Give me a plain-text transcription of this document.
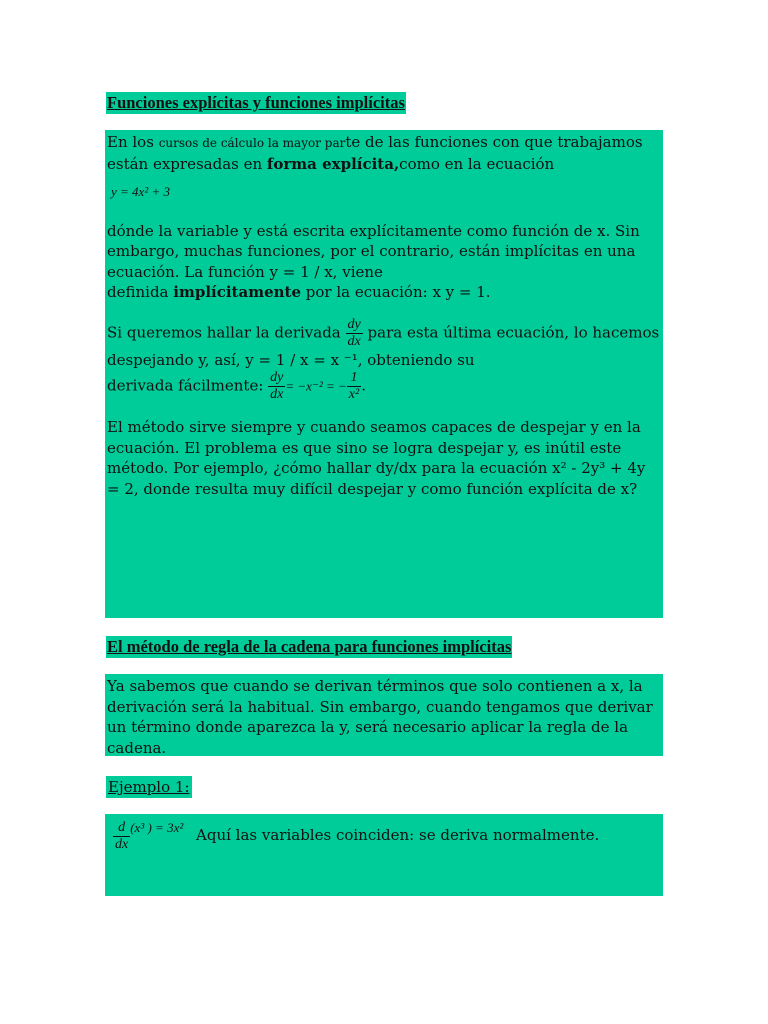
Funciones explícitas y funciones implícitas

En los cursos de cálculo la mayor parte de las funciones con que trabajamos están expresadas en forma explícita,como en la ecuación

y = 4x² + 3

dónde la variable y está escrita explícitamente como función de x. Sin embargo, muchas funciones, por el contrario, están implícitas en una ecuación. La función y = 1 / x, viene
definida implícitamente por la ecuación: x y = 1.

Si queremos hallar la derivada $\frac{dy}{dx}$ para esta última ecuación, lo hacemos despejando y, así, y = 1 / x = x ⁻¹, obteniendo su
derivada fácilmente: $\frac{dy}{dx} = -x^{-2}$ = − $\frac{1}{\text{x²}}$ .

El método sirve siempre y cuando seamos capaces de despejar y en la ecuación. El problema es que sino se logra despejar y, es inútil este método. Por ejemplo, ¿cómo hallar dy/dx para la ecuación x² - 2y³ + 4y = 2, donde resulta muy difícil despejar y como función explícita de x?

El método de regla de la cadena para funciones implícitas

Ya sabemos que cuando se derivan términos que solo contienen a x, la derivación será la habitual. Sin embargo, cuando tengamos que derivar un término donde aparezca la y, será necesario aplicar la regla de la cadena.

Ejemplo 1:
$\frac{d}{dx} (x^3$ ) = 3x² Aquí las variables coinciden: se deriva normalmente.
